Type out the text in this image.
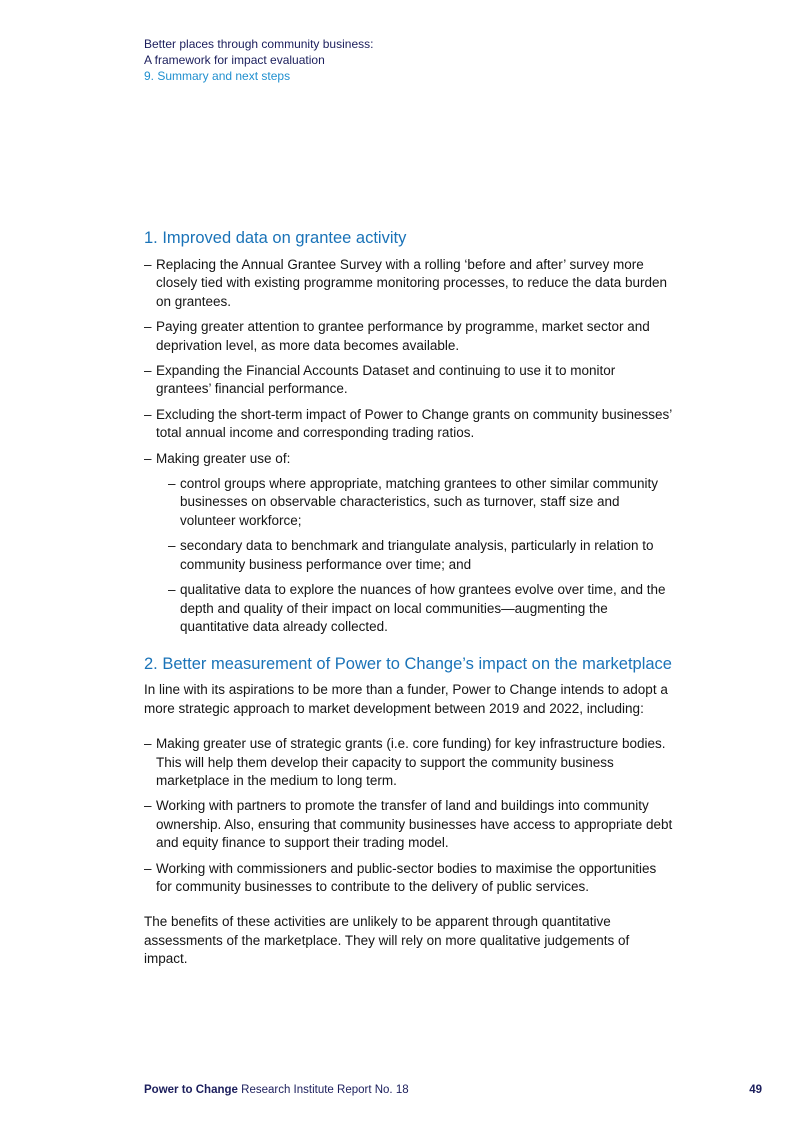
Better places through community business:
A framework for impact evaluation
9. Summary and next steps
1. Improved data on grantee activity
– Replacing the Annual Grantee Survey with a rolling ‘before and after’ survey more closely tied with existing programme monitoring processes, to reduce the data burden on grantees.
– Paying greater attention to grantee performance by programme, market sector and deprivation level, as more data becomes available.
– Expanding the Financial Accounts Dataset and continuing to use it to monitor grantees’ financial performance.
– Excluding the short-term impact of Power to Change grants on community businesses’ total annual income and corresponding trading ratios.
– Making greater use of:
– control groups where appropriate, matching grantees to other similar community businesses on observable characteristics, such as turnover, staff size and volunteer workforce;
– secondary data to benchmark and triangulate analysis, particularly in relation to community business performance over time; and
– qualitative data to explore the nuances of how grantees evolve over time, and the depth and quality of their impact on local communities—augmenting the quantitative data already collected.
2. Better measurement of Power to Change’s impact on the marketplace

In line with its aspirations to be more than a funder, Power to Change intends to adopt a more strategic approach to market development between 2019 and 2022, including:

– Making greater use of strategic grants (i.e. core funding) for key infrastructure bodies. This will help them develop their capacity to support the community business marketplace in the medium to long term.
– Working with partners to promote the transfer of land and buildings into community ownership. Also, ensuring that community businesses have access to appropriate debt and equity finance to support their trading model.
– Working with commissioners and public-sector bodies to maximise the opportunities for community businesses to contribute to the delivery of public services.

The benefits of these activities are unlikely to be apparent through quantitative assessments of the marketplace. They will rely on more qualitative judgements of impact.

Power to Change Research Institute Report No. 18	49
